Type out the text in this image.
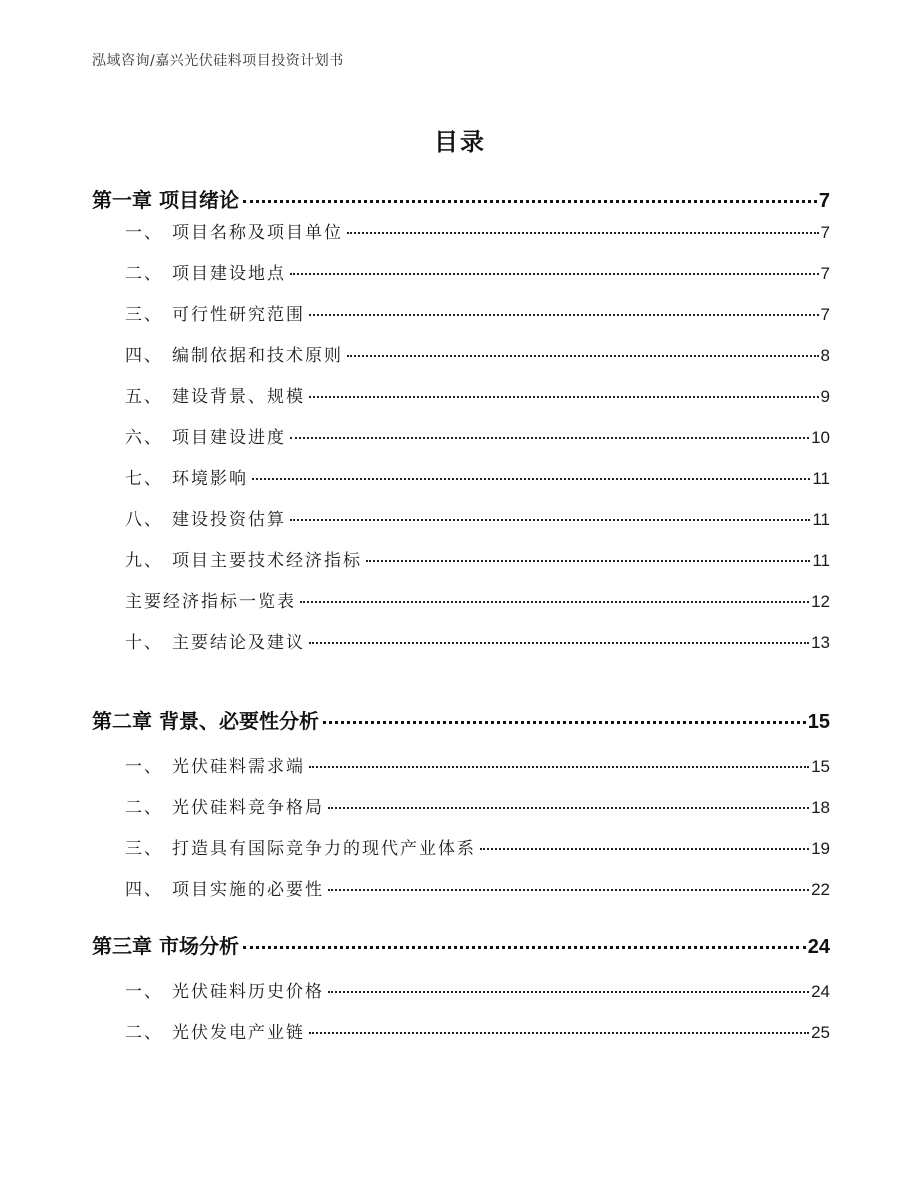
泓域咨询/嘉兴光伏硅料项目投资计划书
目录
第一章 项目绪论	7
一、 项目名称及项目单位	7
二、 项目建设地点	7
三、 可行性研究范围	7
四、 编制依据和技术原则	8
五、 建设背景、规模	9
六、 项目建设进度	10
七、 环境影响	11
八、 建设投资估算	11
九、 项目主要技术经济指标	11
主要经济指标一览表	12
十、 主要结论及建议	13
第二章 背景、必要性分析	15
一、 光伏硅料需求端	15
二、 光伏硅料竞争格局	18
三、 打造具有国际竞争力的现代产业体系	19
四、 项目实施的必要性	22
第三章 市场分析	24
一、 光伏硅料历史价格	24
二、 光伏发电产业链	25
